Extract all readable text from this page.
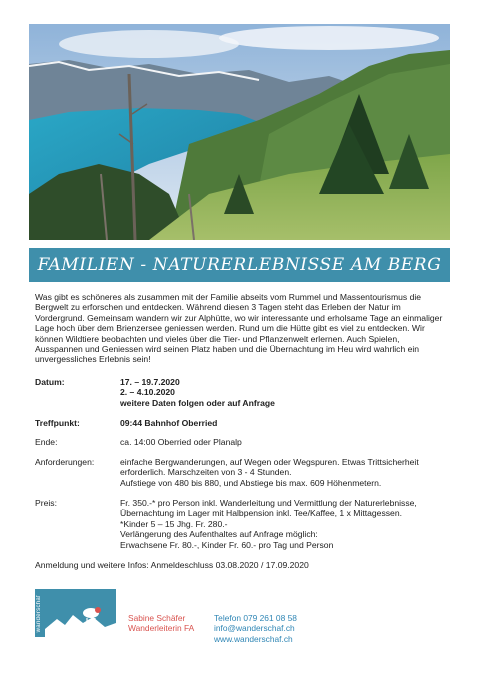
FAMILIEN - NATURERLEBNISSE AM BERG

Was gibt es schöneres als zusammen mit der Familie abseits vom Rummel und Massentourismus die Bergwelt zu erforschen und entdecken. Während diesen 3 Tagen steht das Erleben der Natur im Vordergrund. Gemeinsam wandern wir zur Alphütte, wo wir interessante und erholsame Tage an einmaliger Lage hoch über dem Brienzersee geniessen werden. Rund um die Hütte gibt es viel zu entdecken. Wir können Wildtiere beobachten und vieles über die Tier- und Pflanzenwelt erlernen. Auch Spielen, Ausspannen und Geniessen wird seinen Platz haben und die Übernachtung im Heu wird wahrlich ein unvergessliches Erlebnis sein!

Datum:	17. – 19.7.2020
2. – 4.10.2020
weitere Daten folgen oder auf Anfrage
Treffpunkt:	09:44 Bahnhof Oberried
Ende:	ca. 14:00 Oberried oder Planalp
Anforderungen:	einfache Bergwanderungen, auf Wegen oder Wegspuren. Etwas Trittsicherheit
erforderlich. Marschzeiten von 3 - 4 Stunden.
Aufstiege von 480 bis 880, und Abstiege bis max. 609 Höhenmetern.
Preis:	Fr. 350.-* pro Person inkl. Wanderleitung und Vermittlung der Naturerlebnisse,
Übernachtung im Lager mit Halbpension inkl. Tee/Kaffee, 1 x Mittagessen.
*Kinder 5 – 15 Jhg. Fr. 280.-
Verlängerung des Aufenthaltes auf Anfrage möglich:
Erwachsene Fr. 80.-, Kinder Fr. 60.- pro Tag und Person
Anmeldung und weitere Infos: Anmeldeschluss 03.08.2020 / 17.09.2020
wanderschaf	Sabine Schäfer
Wanderleiterin FA
Telefon 079 261 08 58
info@wanderschaf.ch
www.wanderschaf.ch
